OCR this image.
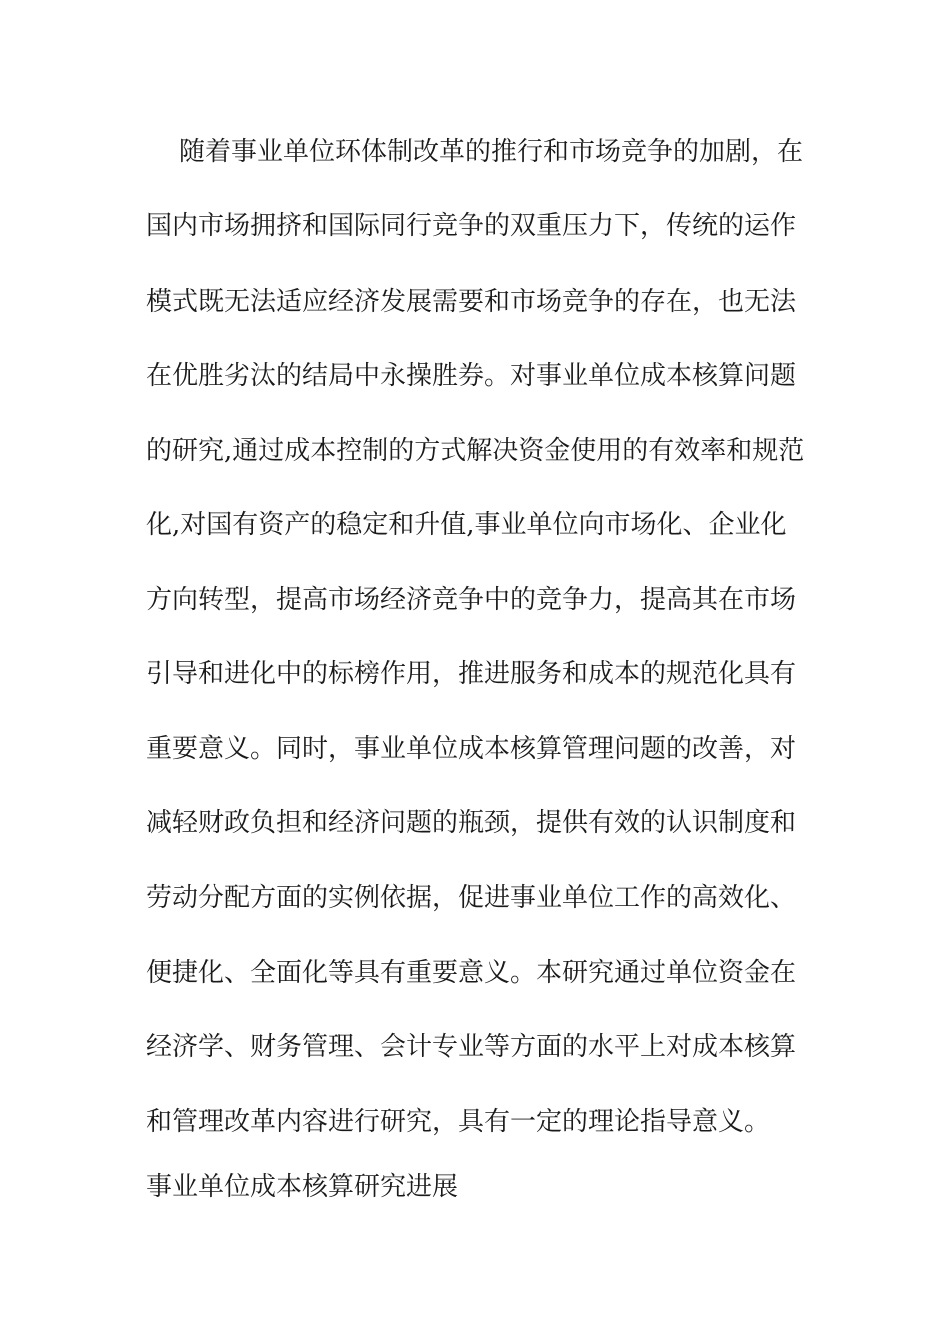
随着事业单位环体制改革的推行和市场竞争的加剧，在
国内市场拥挤和国际同行竞争的双重压力下，传统的运作
模式既无法适应经济发展需要和市场竞争的存在，也无法
在优胜劣汰的结局中永操胜券。对事业单位成本核算问题
的研究,通过成本控制的方式解决资金使用的有效率和规范
化,对国有资产的稳定和升值,事业单位向市场化、企业化
方向转型，提高市场经济竞争中的竞争力，提高其在市场
引导和进化中的标榜作用，推进服务和成本的规范化具有
重要意义。同时，事业单位成本核算管理问题的改善，对
减轻财政负担和经济问题的瓶颈，提供有效的认识制度和
劳动分配方面的实例依据，促进事业单位工作的高效化、
便捷化、全面化等具有重要意义。本研究通过单位资金在
经济学、财务管理、会计专业等方面的水平上对成本核算
和管理改革内容进行研究，具有一定的理论指导意义。
事业单位成本核算研究进展
